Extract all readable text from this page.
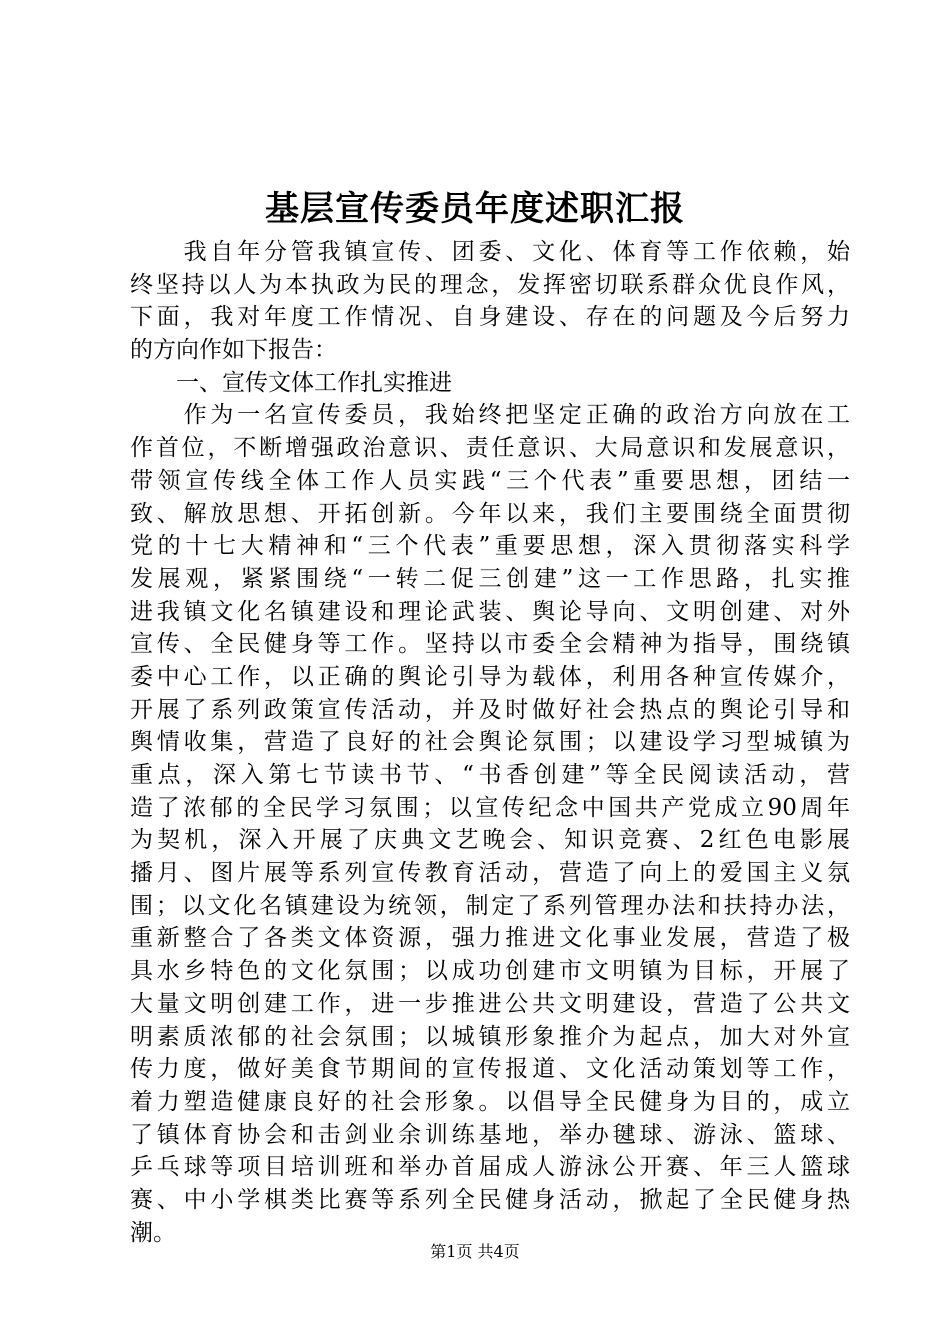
基层宣传委员年度述职汇报
　　我自年分管我镇宣传、团委、文化、体育等工作依赖，始
终坚持以人为本执政为民的理念，发挥密切联系群众优良作风，
下面，我对年度工作情况、自身建设、存在的问题及今后努力
的方向作如下报告：
　　一、宣传文体工作扎实推进
　　作为一名宣传委员，我始终把坚定正确的政治方向放在工
作首位，不断增强政治意识、责任意识、大局意识和发展意识，
带领宣传线全体工作人员实践“三个代表”重要思想，团结一
致、解放思想、开拓创新。今年以来，我们主要围绕全面贯彻
党的十七大精神和“三个代表”重要思想，深入贯彻落实科学
发展观，紧紧围绕“一转二促三创建”这一工作思路，扎实推
进我镇文化名镇建设和理论武装、舆论导向、文明创建、对外
宣传、全民健身等工作。坚持以市委全会精神为指导，围绕镇
委中心工作，以正确的舆论引导为载体，利用各种宣传媒介，
开展了系列政策宣传活动，并及时做好社会热点的舆论引导和
舆情收集，营造了良好的社会舆论氛围；以建设学习型城镇为
重点，深入第七节读书节、“书香创建”等全民阅读活动，营
造了浓郁的全民学习氛围；以宣传纪念中国共产党成立90周年
为契机，深入开展了庆典文艺晚会、知识竞赛、2红色电影展
播月、图片展等系列宣传教育活动，营造了向上的爱国主义氛
围；以文化名镇建设为统领，制定了系列管理办法和扶持办法，
重新整合了各类文体资源，强力推进文化事业发展，营造了极
具水乡特色的文化氛围；以成功创建市文明镇为目标，开展了
大量文明创建工作，进一步推进公共文明建设，营造了公共文
明素质浓郁的社会氛围；以城镇形象推介为起点，加大对外宣
传力度，做好美食节期间的宣传报道、文化活动策划等工作，
着力塑造健康良好的社会形象。以倡导全民健身为目的，成立
了镇体育协会和击剑业余训练基地，举办毽球、游泳、篮球、
乒乓球等项目培训班和举办首届成人游泳公开赛、年三人篮球
赛、中小学棋类比赛等系列全民健身活动，掀起了全民健身热
潮。
第1页 共4页
